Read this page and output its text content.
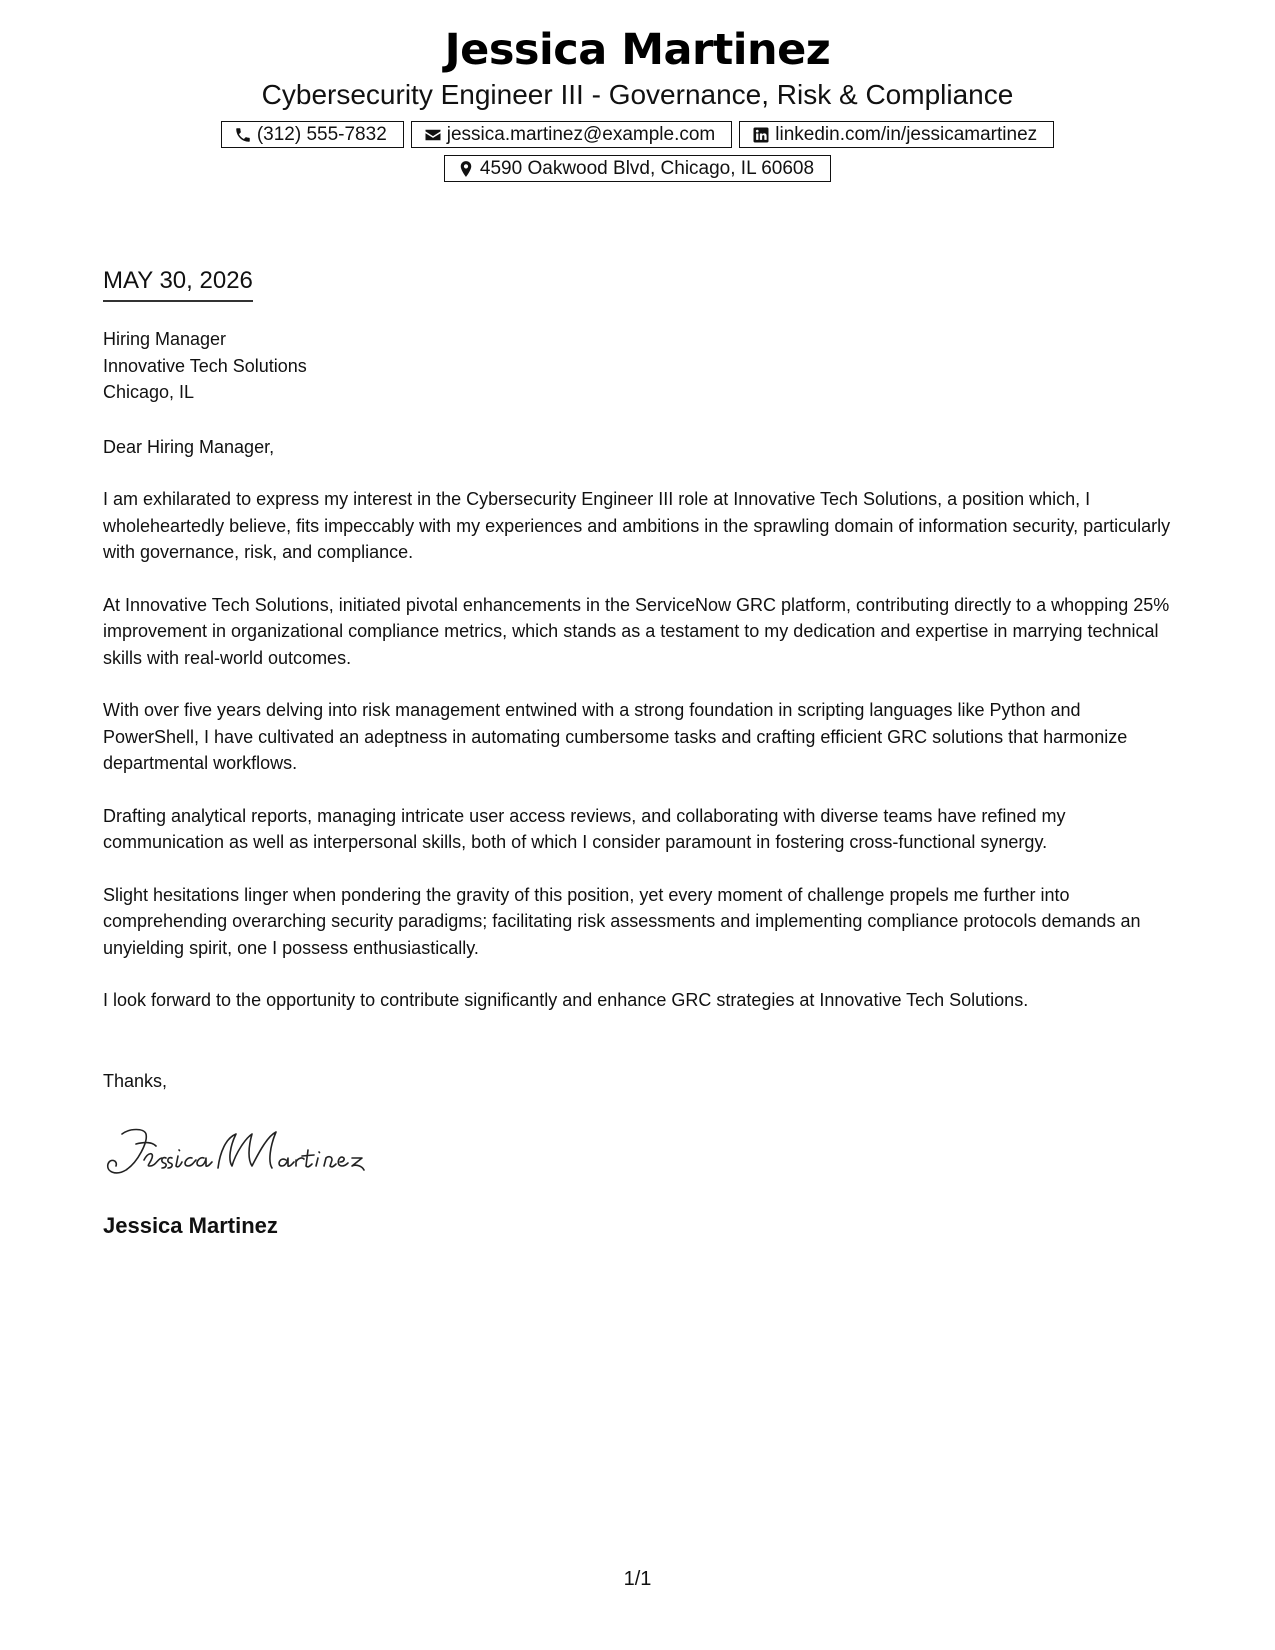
Jessica Martinez
Cybersecurity Engineer III - Governance, Risk & Compliance
(312) 555-7832	jessica.martinez@example.com	linkedin.com/in/jessicamartinez
4590 Oakwood Blvd, Chicago, IL 60608
MAY 30, 2026
Hiring Manager
Innovative Tech Solutions
Chicago, IL
Dear Hiring Manager,
I am exhilarated to express my interest in the Cybersecurity Engineer III role at Innovative Tech Solutions, a position which, I wholeheartedly believe, fits impeccably with my experiences and ambitions in the sprawling domain of information security, particularly with governance, risk, and compliance.
At Innovative Tech Solutions, initiated pivotal enhancements in the ServiceNow GRC platform, contributing directly to a whopping 25% improvement in organizational compliance metrics, which stands as a testament to my dedication and expertise in marrying technical skills with real-world outcomes.
With over five years delving into risk management entwined with a strong foundation in scripting languages like Python and PowerShell, I have cultivated an adeptness in automating cumbersome tasks and crafting efficient GRC solutions that harmonize departmental workflows.
Drafting analytical reports, managing intricate user access reviews, and collaborating with diverse teams have refined my communication as well as interpersonal skills, both of which I consider paramount in fostering cross-functional synergy.
Slight hesitations linger when pondering the gravity of this position, yet every moment of challenge propels me further into comprehending overarching security paradigms; facilitating risk assessments and implementing compliance protocols demands an unyielding spirit, one I possess enthusiastically.
I look forward to the opportunity to contribute significantly and enhance GRC strategies at Innovative Tech Solutions.
Thanks,
Jessica Martinez
1/1
